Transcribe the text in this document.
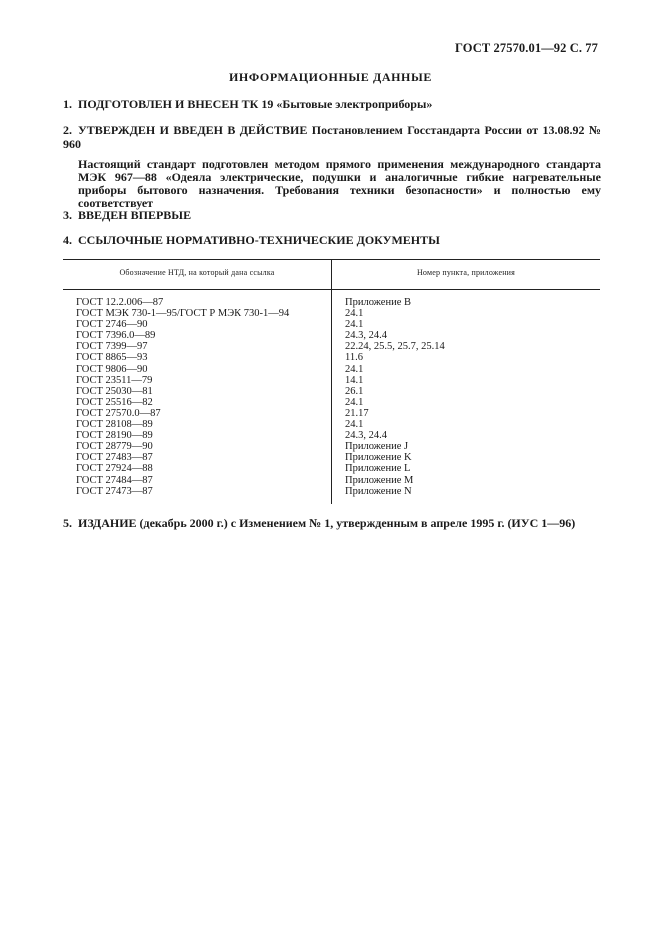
ГОСТ 27570.01—92 С. 77
ИНФОРМАЦИОННЫЕ ДАННЫЕ
1. ПОДГОТОВЛЕН И ВНЕСЕН ТК 19 «Бытовые электроприборы»
2. УТВЕРЖДЕН И ВВЕДЕН В ДЕЙСТВИЕ Постановлением Госстандарта России от 13.08.92 № 960
Настоящий стандарт подготовлен методом прямого применения международного стандарта МЭК 967—88 «Одеяла электрические, подушки и аналогичные гибкие нагревательные приборы бытового назначения. Требования техники безопасности» и полностью ему соответствует
3. ВВЕДЕН ВПЕРВЫЕ
4. ССЫЛОЧНЫЕ НОРМАТИВНО-ТЕХНИЧЕСКИЕ ДОКУМЕНТЫ
Обозначение НТД, на который дана ссылка	Номер пункта, приложения
ГОСТ 12.2.006—87
ГОСТ МЭК 730-1—95/ГОСТ Р МЭК 730-1—94
ГОСТ 2746—90
ГОСТ 7396.0—89
ГОСТ 7399—97
ГОСТ 8865—93
ГОСТ 9806—90
ГОСТ 23511—79
ГОСТ 25030—81
ГОСТ 25516—82
ГОСТ 27570.0—87
ГОСТ 28108—89
ГОСТ 28190—89
ГОСТ 28779—90
ГОСТ 27483—87
ГОСТ 27924—88
ГОСТ 27484—87
ГОСТ 27473—87
Приложение В
24.1
24.1
24.3, 24.4
22.24, 25.5, 25.7, 25.14
11.6
24.1
14.1
26.1
24.1
21.17
24.1
24.3, 24.4
Приложение J
Приложение K
Приложение L
Приложение M
Приложение N
5. ИЗДАНИЕ (декабрь 2000 г.) с Изменением № 1, утвержденным в апреле 1995 г. (ИУС 1—96)
